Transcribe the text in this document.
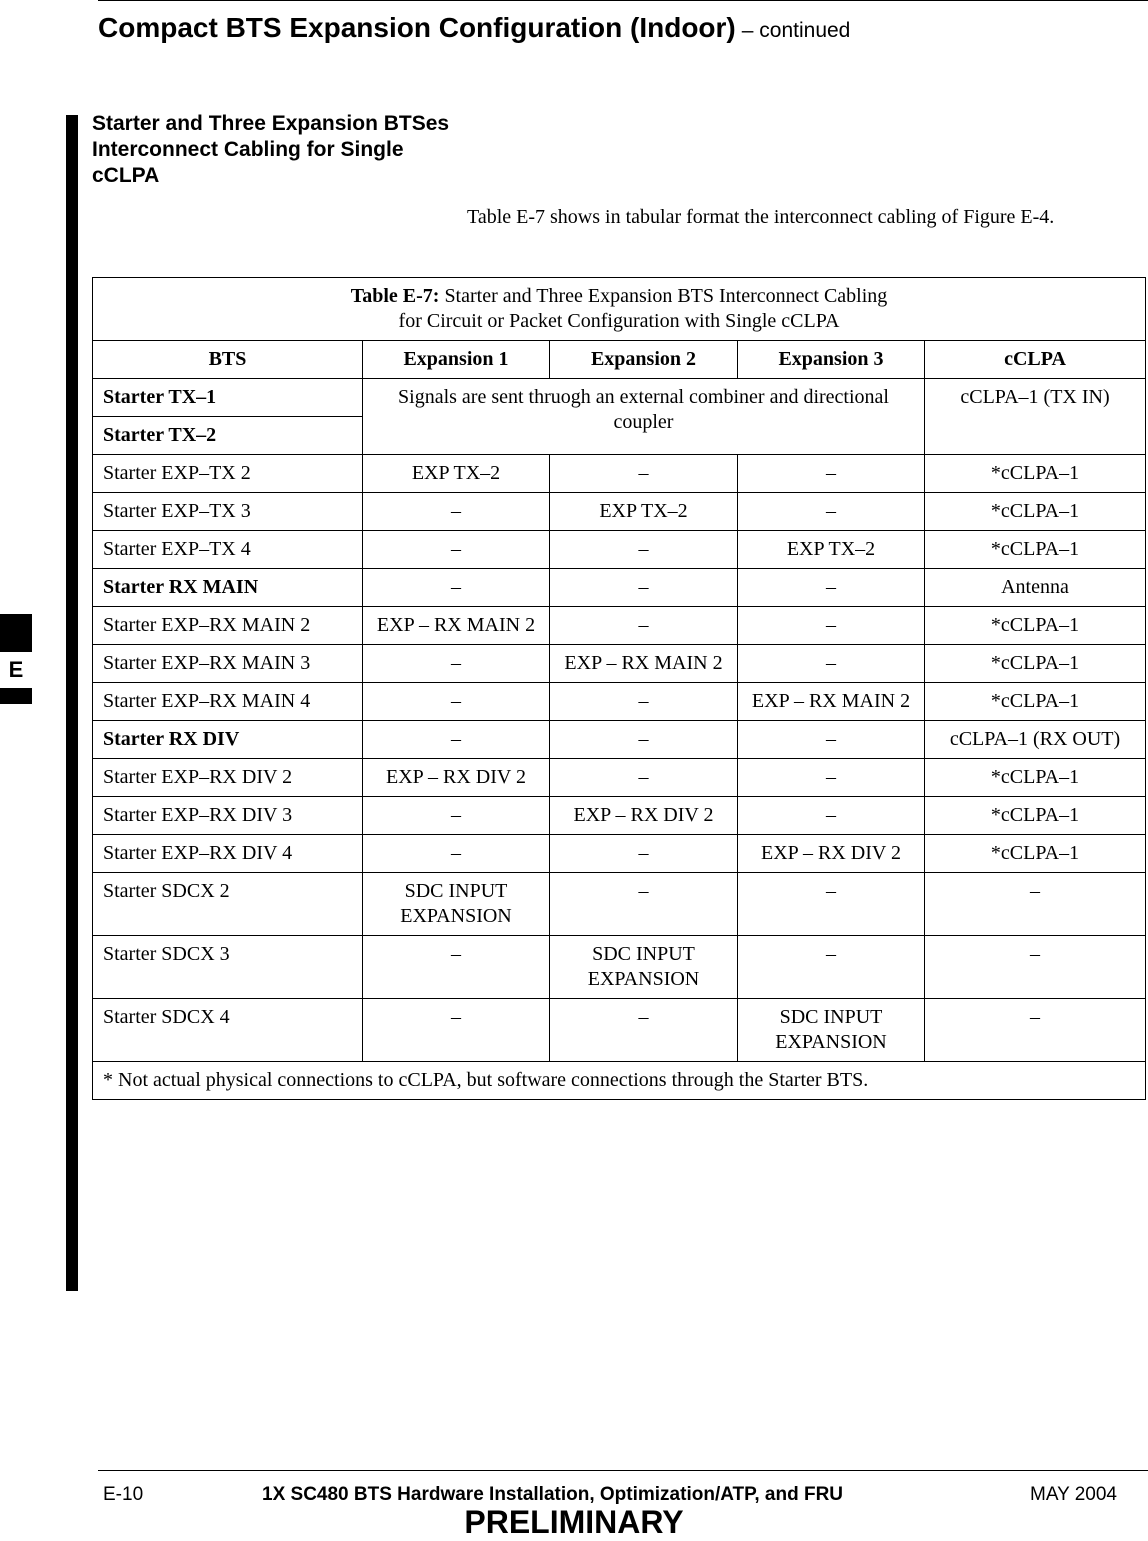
Compact BTS Expansion Configuration (Indoor) – continued
Starter and Three Expansion BTSes Interconnect Cabling for Single cCLPA
Table E-7 shows in tabular format the interconnect cabling of Figure E-4.
E
Table E-7: Starter and Three Expansion BTS Interconnect Cabling
for Circuit or Packet Configuration with Single cCLPA				
BTS	Expansion 1	Expansion 2	Expansion 3	cCLPA
Starter TX–1	Signals are sent thruogh an external combiner and directional coupler			cCLPA–1 (TX IN)
Starter TX–2				
Starter EXP–TX 2	EXP TX–2	–	–	*cCLPA–1
Starter EXP–TX 3	–	EXP TX–2	–	*cCLPA–1
Starter EXP–TX 4	–	–	EXP TX–2	*cCLPA–1
Starter RX MAIN	–	–	–	Antenna
Starter EXP–RX MAIN 2	EXP – RX MAIN 2	–	–	*cCLPA–1
Starter EXP–RX MAIN 3	–	EXP – RX MAIN 2	–	*cCLPA–1
Starter EXP–RX MAIN 4	–	–	EXP – RX MAIN 2	*cCLPA–1
Starter RX DIV	–	–	–	cCLPA–1 (RX OUT)
Starter EXP–RX DIV 2	EXP – RX DIV 2	–	–	*cCLPA–1
Starter EXP–RX DIV 3	–	EXP – RX DIV 2	–	*cCLPA–1
Starter EXP–RX DIV 4	–	–	EXP – RX DIV 2	*cCLPA–1
Starter SDCX 2	SDC INPUT EXPANSION	–	–	–
Starter SDCX 3	–	SDC INPUT EXPANSION	–	–
Starter SDCX 4	–	–	SDC INPUT EXPANSION	–
* Not actual physical connections to cCLPA, but software connections through the Starter BTS.				
E-10	1X SC480 BTS Hardware Installation, Optimization/ATP, and FRU	MAY 2004
PRELIMINARY
